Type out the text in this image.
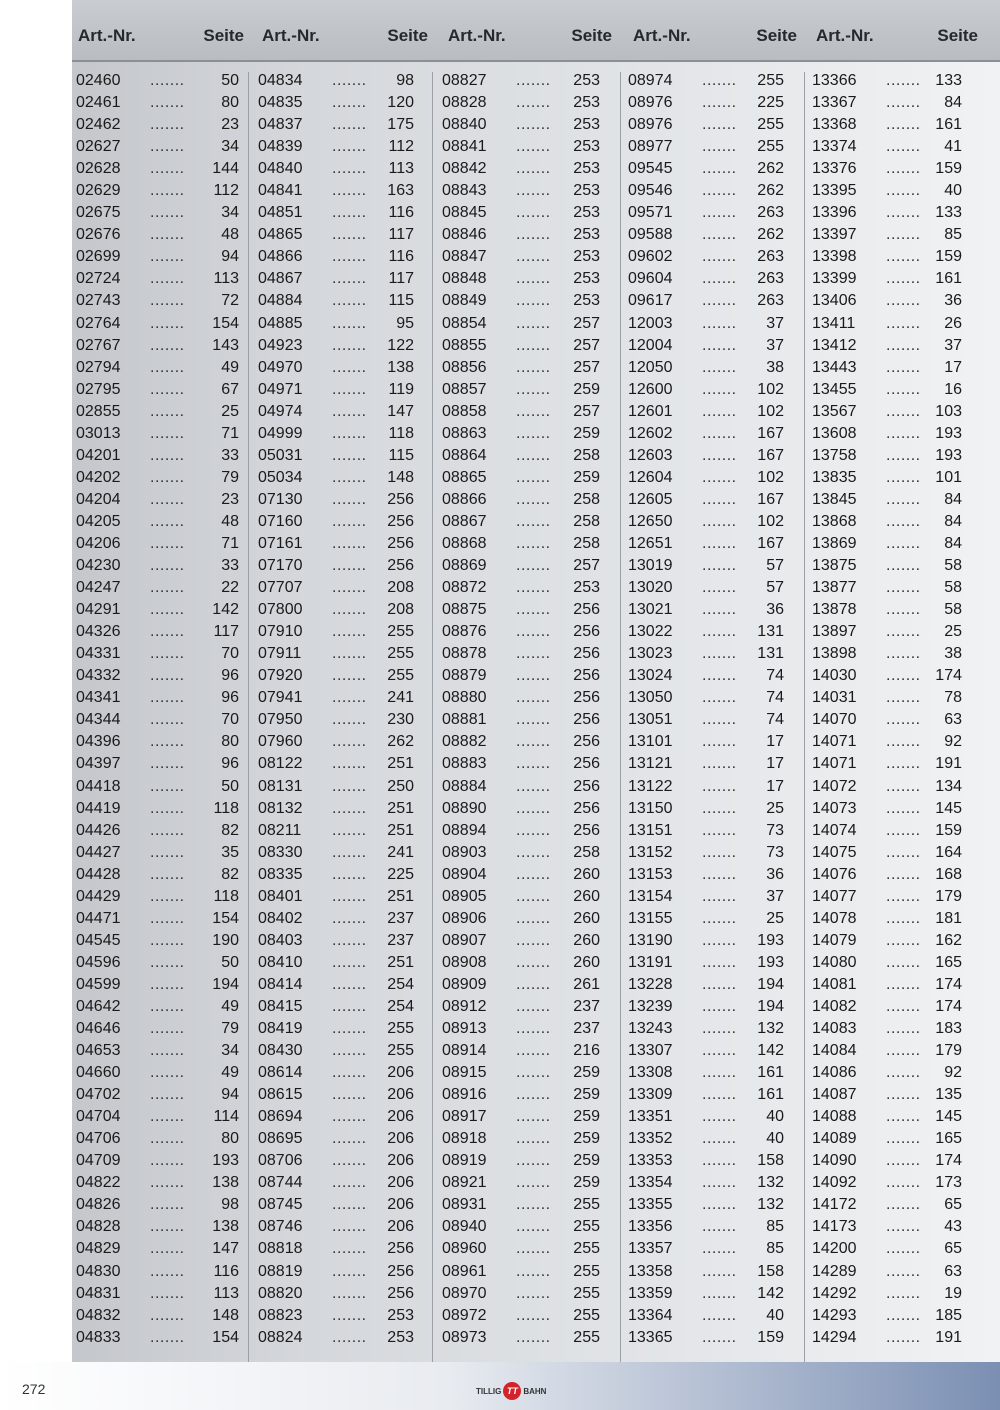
Art.-Nr.	Seite Art.-Nr.	Seite Art.-Nr.	Seite Art.-Nr.	Seite Art.-Nr.	Seite
02460 ....... 50
02461 ....... 80
02462 ....... 23
02627 ....... 34
02628 ....... 144
02629 ....... 112
02675 ....... 34
02676 ....... 48
02699 ....... 94
02724 ....... 113
02743 ....... 72
02764 ....... 154
02767 ....... 143
02794 ....... 49
02795 ....... 67
02855 ....... 25
03013 ....... 71
04201 ....... 33
04202 ....... 79
04204 ....... 23
04205 ....... 48
04206 ....... 71
04230 ....... 33
04247 ....... 22
04291 ....... 142
04326 ....... 117
04331 ....... 70
04332 ....... 96
04341 ....... 96
04344 ....... 70
04396 ....... 80
04397 ....... 96
04418 ....... 50
04419 ....... 118
04426 ....... 82
04427 ....... 35
04428 ....... 82
04429 ....... 118
04471 ....... 154
04545 ....... 190
04596 ....... 50
04599 ....... 194
04642 ....... 49
04646 ....... 79
04653 ....... 34
04660 ....... 49
04702 ....... 94
04704 ....... 114
04706 ....... 80
04709 ....... 193
04822 ....... 138
04826 ....... 98
04828 ....... 138
04829 ....... 147
04830 ....... 116
04831 ....... 113
04832 ....... 148
04833 ....... 154
04834 ....... 98
04835 ....... 120
04837 ....... 175
04839 ....... 112
04840 ....... 113
04841 ....... 163
04851 ....... 116
04865 ....... 117
04866 ....... 116
04867 ....... 117
04884 ....... 115
04885 ....... 95
04923 ....... 122
04970 ....... 138
04971 ....... 119
04974 ....... 147
04999 ....... 118
05031 ....... 115
05034 ....... 148
07130 ....... 256
07160 ....... 256
07161 ....... 256
07170 ....... 256
07707 ....... 208
07800 ....... 208
07910 ....... 255
07911 ....... 255
07920 ....... 255
07941 ....... 241
07950 ....... 230
07960 ....... 262
08122 ....... 251
08131 ....... 250
08132 ....... 251
08211 ....... 251
08330 ....... 241
08335 ....... 225
08401 ....... 251
08402 ....... 237
08403 ....... 237
08410 ....... 251
08414 ....... 254
08415 ....... 254
08419 ....... 255
08430 ....... 255
08614 ....... 206
08615 ....... 206
08694 ....... 206
08695 ....... 206
08706 ....... 206
08744 ....... 206
08745 ....... 206
08746 ....... 206
08818 ....... 256
08819 ....... 256
08820 ....... 256
08823 ....... 253
08824 ....... 253
08827 ....... 253
08828 ....... 253
08840 ....... 253
08841 ....... 253
08842 ....... 253
08843 ....... 253
08845 ....... 253
08846 ....... 253
08847 ....... 253
08848 ....... 253
08849 ....... 253
08854 ....... 257
08855 ....... 257
08856 ....... 257
08857 ....... 259
08858 ....... 257
08863 ....... 259
08864 ....... 258
08865 ....... 259
08866 ....... 258
08867 ....... 258
08868 ....... 258
08869 ....... 257
08872 ....... 253
08875 ....... 256
08876 ....... 256
08878 ....... 256
08879 ....... 256
08880 ....... 256
08881 ....... 256
08882 ....... 256
08883 ....... 256
08884 ....... 256
08890 ....... 256
08894 ....... 256
08903 ....... 258
08904 ....... 260
08905 ....... 260
08906 ....... 260
08907 ....... 260
08908 ....... 260
08909 ....... 261
08912 ....... 237
08913 ....... 237
08914 ....... 216
08915 ....... 259
08916 ....... 259
08917 ....... 259
08918 ....... 259
08919 ....... 259
08921 ....... 259
08931 ....... 255
08940 ....... 255
08960 ....... 255
08961 ....... 255
08970 ....... 255
08972 ....... 255
08973 ....... 255
08974 ....... 255
08976 ....... 225
08976 ....... 255
08977 ....... 255
09545 ....... 262
09546 ....... 262
09571 ....... 263
09588 ....... 262
09602 ....... 263
09604 ....... 263
09617 ....... 263
12003 ....... 37
12004 ....... 37
12050 ....... 38
12600 ....... 102
12601 ....... 102
12602 ....... 167
12603 ....... 167
12604 ....... 102
12605 ....... 167
12650 ....... 102
12651 ....... 167
13019 ....... 57
13020 ....... 57
13021 ....... 36
13022 ....... 131
13023 ....... 131
13024 ....... 74
13050 ....... 74
13051 ....... 74
13101 ....... 17
13121 ....... 17
13122 ....... 17
13150 ....... 25
13151 ....... 73
13152 ....... 73
13153 ....... 36
13154 ....... 37
13155 ....... 25
13190 ....... 193
13191 ....... 193
13228 ....... 194
13239 ....... 194
13243 ....... 132
13307 ....... 142
13308 ....... 161
13309 ....... 161
13351 ....... 40
13352 ....... 40
13353 ....... 158
13354 ....... 132
13355 ....... 132
13356 ....... 85
13357 ....... 85
13358 ....... 158
13359 ....... 142
13364 ....... 40
13365 ....... 159
13366 ....... 133
13367 ....... 84
13368 ....... 161
13374 ....... 41
13376 ....... 159
13395 ....... 40
13396 ....... 133
13397 ....... 85
13398 ....... 159
13399 ....... 161
13406 ....... 36
13411 ....... 26
13412 ....... 37
13443 ....... 17
13455 ....... 16
13567 ....... 103
13608 ....... 193
13758 ....... 193
13835 ....... 101
13845 ....... 84
13868 ....... 84
13869 ....... 84
13875 ....... 58
13877 ....... 58
13878 ....... 58
13897 ....... 25
13898 ....... 38
14030 ....... 174
14031 ....... 78
14070 ....... 63
14071 ....... 92
14071 ....... 191
14072 ....... 134
14073 ....... 145
14074 ....... 159
14075 ....... 164
14076 ....... 168
14077 ....... 179
14078 ....... 181
14079 ....... 162
14080 ....... 165
14081 ....... 174
14082 ....... 174
14083 ....... 183
14084 ....... 179
14086 ....... 92
14087 ....... 135
14088 ....... 145
14089 ....... 165
14090 ....... 174
14092 ....... 173
14172 ....... 65
14173 ....... 43
14200 ....... 65
14289 ....... 63
14292 ....... 19
14293 ....... 185
14294 ....... 191
272	TILLIG TT BAHN
